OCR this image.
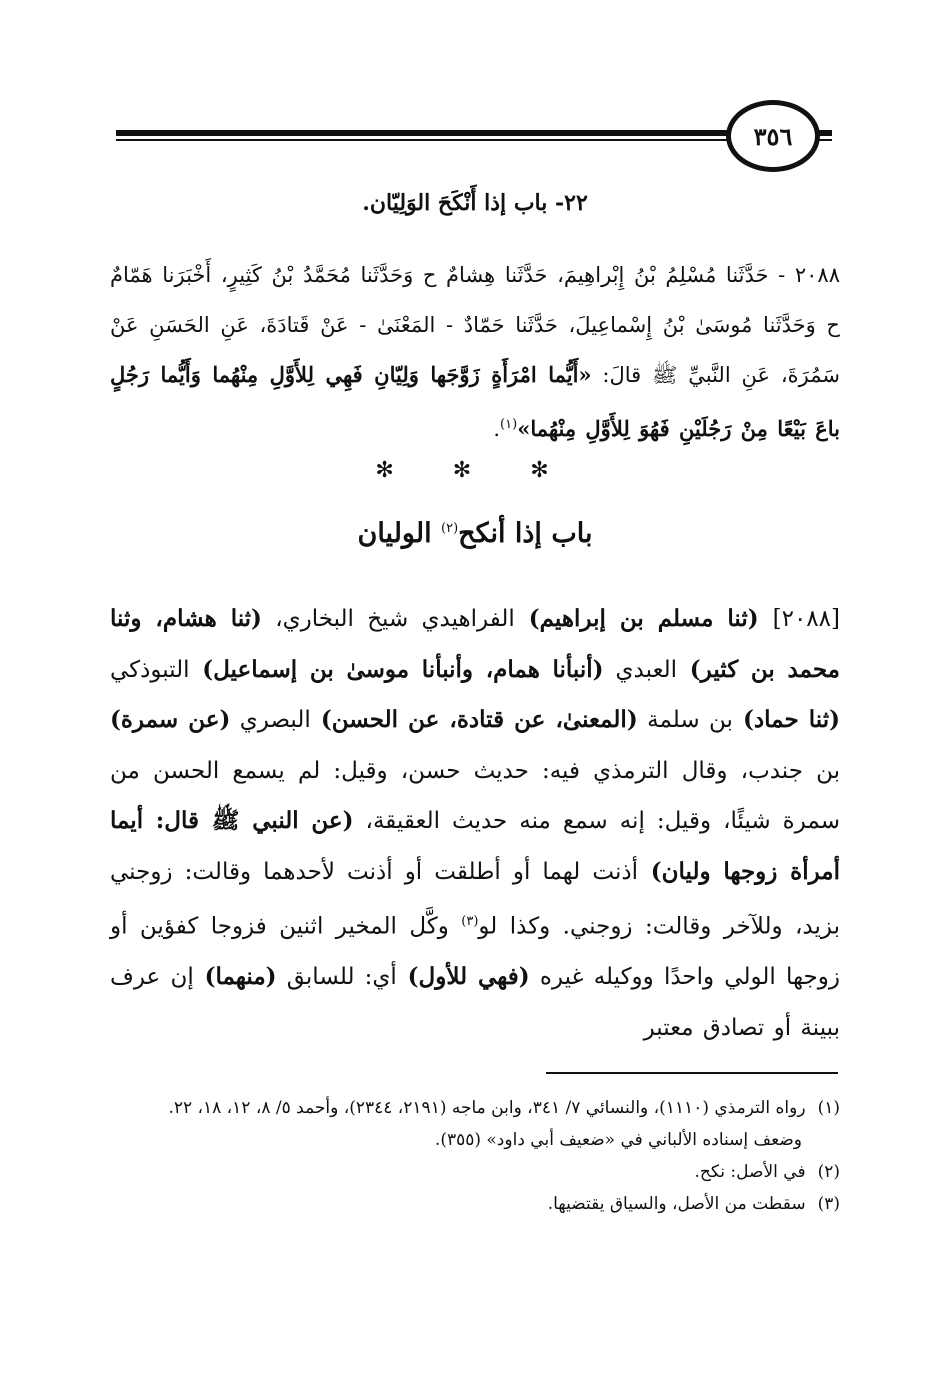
٣٥٦
٢٢- باب إذا أَنْكَحَ الوَلِيّان.
٢٠٨٨ - حَدَّثَنا مُسْلِمُ بْنُ إِبْراهِيمَ، حَدَّثَنا هِشامٌ ح وَحَدَّثَنا مُحَمَّدُ بْنُ كَثِيرٍ، أَخْبَرَنا هَمّامٌ ح وَحَدَّثَنا مُوسَىٰ بْنُ إِسْماعِيلَ، حَدَّثَنا حَمّادٌ - المَعْنَىٰ - عَنْ قَتادَةَ، عَنِ الحَسَنِ عَنْ سَمُرَةَ، عَنِ النَّبيِّ ﷺ قالَ: «أَيُّما امْرَأَةٍ زَوَّجَها وَلِيّانِ فَهِي لِلأَوَّلِ مِنْهُما وَأَيُّما رَجُلٍ باعَ بَيْعًا مِنْ رَجُلَيْنِ فَهُوَ لِلأَوَّلِ مِنْهُما»$^{(١)}$.
✻ ✻ ✻
باب إذا أنكح$^{(٢)}$ الوليان
[٢٠٨٨] (ثنا مسلم بن إبراهيم) الفراهيدي شيخ البخاري، (ثنا هشام، وثنا محمد بن كثير) العبدي (أنبأنا همام، وأنبأنا موسىٰ بن إسماعيل) التبوذكي (ثنا حماد) بن سلمة (المعنىٰ، عن قتادة، عن الحسن) البصري (عن سمرة) بن جندب، وقال الترمذي فيه: حديث حسن، وقيل: لم يسمع الحسن من سمرة شيئًا، وقيل: إنه سمع منه حديث العقيقة، (عن النبي ﷺ قال: أيما أمرأة زوجها وليان) أذنت لهما أو أطلقت أو أذنت لأحدهما وقالت: زوجني بزيد، وللآخر وقالت: زوجني. وكذا لو$^{(٣)}$ وكَّل المخير اثنين فزوجا كفؤين أو زوجها الولي واحدًا ووكيله غيره (فهي للأول) أي: للسابق (منهما) إن عرف ببينة أو تصادق معتبر

(١)
رواه الترمذي (١١١٠)، والنسائي ٧/ ٣٤١، وابن ماجه (٢١٩١، ٢٣٤٤)، وأحمد ٥/ ٨، ١٢، ١٨، ٢٢.

وضعف إسناده الألباني في «ضعيف أبي داود» (٣٥٥).

(٢)
في الأصل: نكح.

(٣)
سقطت من الأصل، والسياق يقتضيها.
